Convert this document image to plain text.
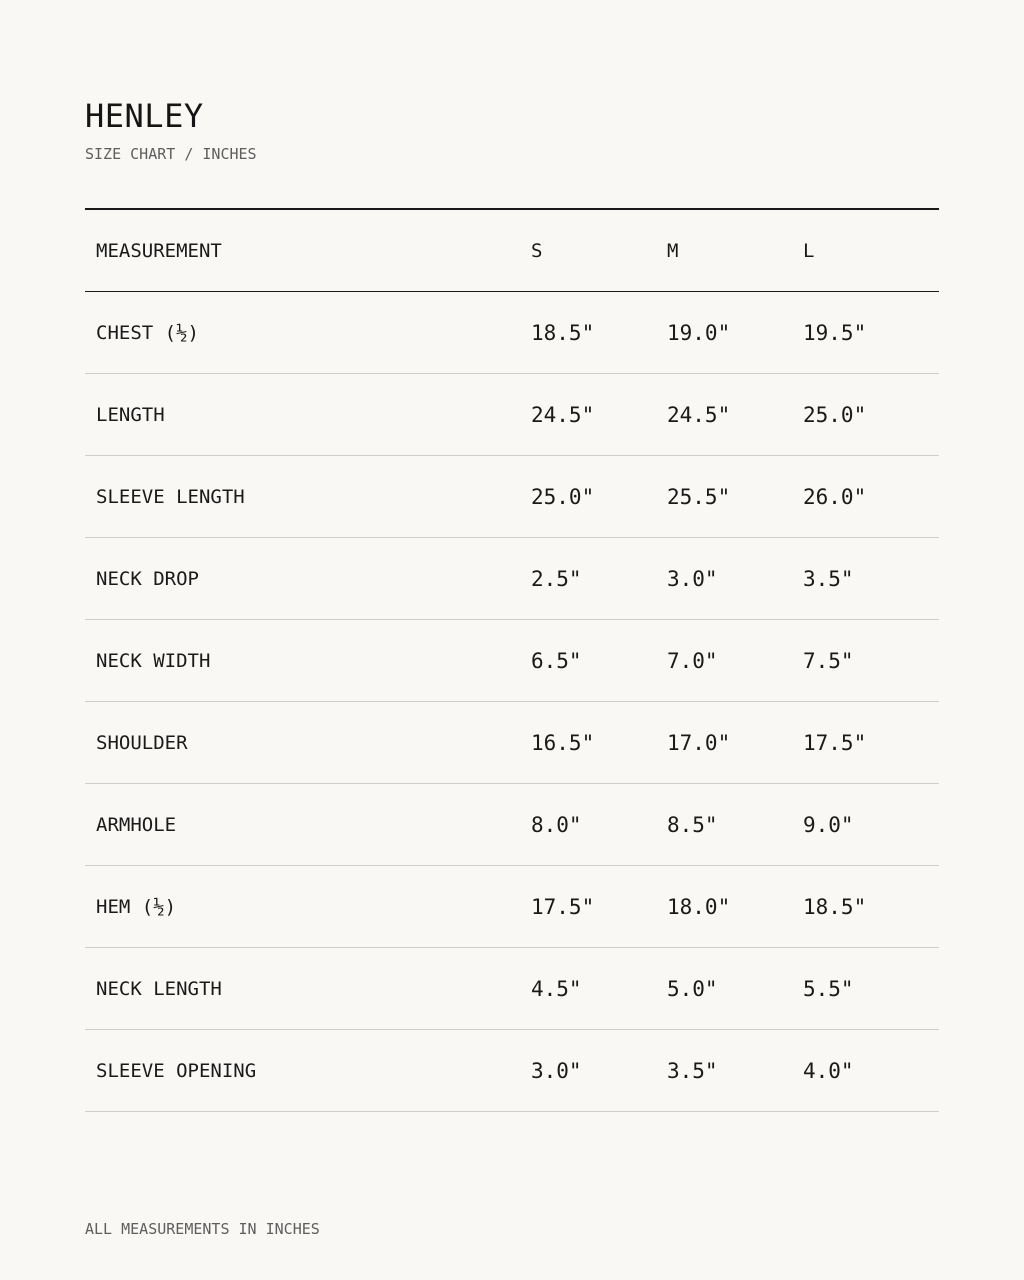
HENLEY
SIZE CHART / INCHES
MEASUREMENT	S	M	L
CHEST (½)	18.5"	19.0"	19.5"
LENGTH	24.5"	24.5"	25.0"
SLEEVE LENGTH	25.0"	25.5"	26.0"
NECK DROP	2.5"	3.0"	3.5"
NECK WIDTH	6.5"	7.0"	7.5"
SHOULDER	16.5"	17.0"	17.5"
ARMHOLE	8.0"	8.5"	9.0"
HEM (½)	17.5"	18.0"	18.5"
NECK LENGTH	4.5"	5.0"	5.5"
SLEEVE OPENING	3.0"	3.5"	4.0"
ALL MEASUREMENTS IN INCHES
